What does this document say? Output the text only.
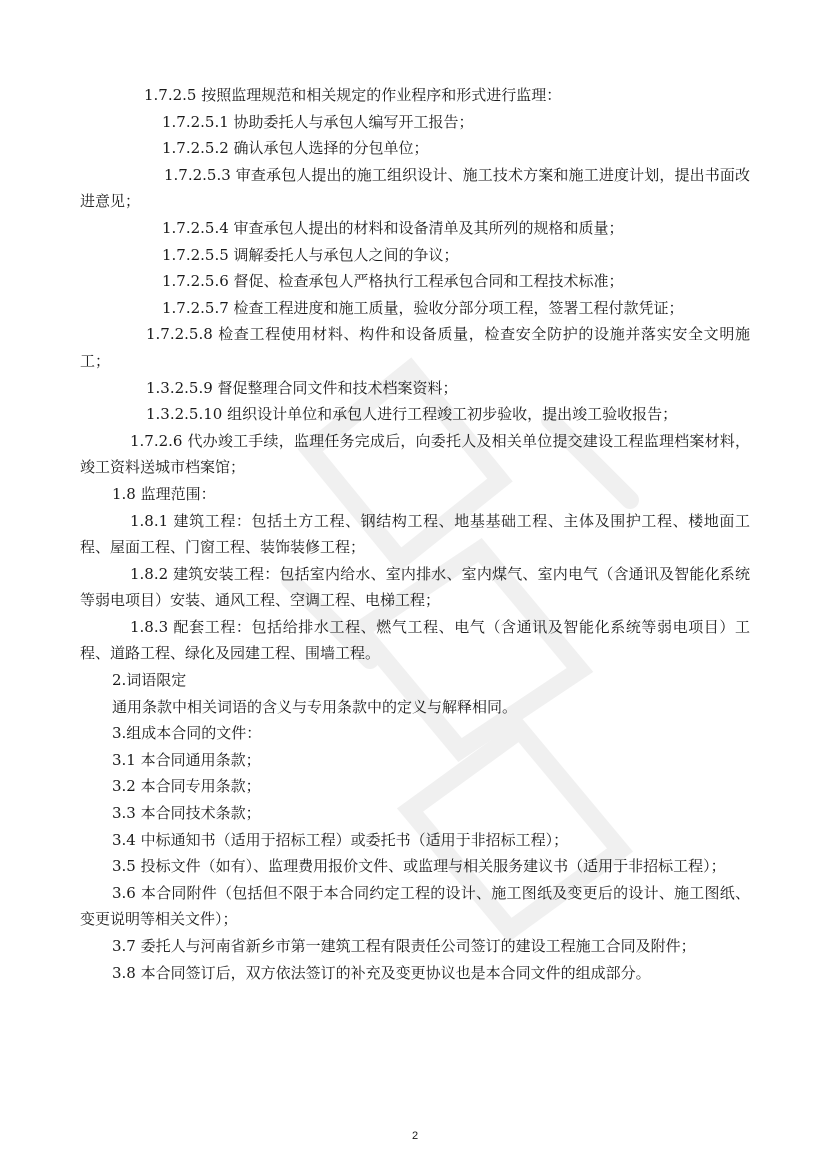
1.7.2.5 按照监理规范和相关规定的作业程序和形式进行监理：

1.7.2.5.1 协助委托人与承包人编写开工报告；

1.7.2.5.2 确认承包人选择的分包单位；

1.7.2.5.3 审查承包人提出的施工组织设计、施工技术方案和施工进度计划，提出书面改进意见；

1.7.2.5.4 审查承包人提出的材料和设备清单及其所列的规格和质量；

1.7.2.5.5 调解委托人与承包人之间的争议；

1.7.2.5.6 督促、检查承包人严格执行工程承包合同和工程技术标准；

1.7.2.5.7 检查工程进度和施工质量，验收分部分项工程，签署工程付款凭证；

1.7.2.5.8 检查工程使用材料、构件和设备质量，检查安全防护的设施并落实安全文明施工；

1.3.2.5.9 督促整理合同文件和技术档案资料；

1.3.2.5.10 组织设计单位和承包人进行工程竣工初步验收，提出竣工验收报告；

1.7.2.6 代办竣工手续，监理任务完成后，向委托人及相关单位提交建设工程监理档案材料，竣工资料送城市档案馆；

1.8 监理范围：

1.8.1 建筑工程：包括土方工程、钢结构工程、地基基础工程、主体及围护工程、楼地面工程、屋面工程、门窗工程、装饰装修工程；

1.8.2 建筑安装工程：包括室内给水、室内排水、室内煤气、室内电气（含通讯及智能化系统等弱电项目）安装、通风工程、空调工程、电梯工程；

1.8.3 配套工程：包括给排水工程、燃气工程、电气（含通讯及智能化系统等弱电项目）工程、道路工程、绿化及园建工程、围墙工程。

2.词语限定

通用条款中相关词语的含义与专用条款中的定义与解释相同。

3.组成本合同的文件：

3.1 本合同通用条款；

3.2 本合同专用条款；

3.3 本合同技术条款；

3.4 中标通知书（适用于招标工程）或委托书（适用于非招标工程）；

3.5 投标文件（如有）、监理费用报价文件、或监理与相关服务建议书（适用于非招标工程）；

3.6 本合同附件（包括但不限于本合同约定工程的设计、施工图纸及变更后的设计、施工图纸、变更说明等相关文件）；

3.7 委托人与河南省新乡市第一建筑工程有限责任公司签订的建设工程施工合同及附件；

3.8 本合同签订后，双方依法签订的补充及变更协议也是本合同文件的组成部分。

2
